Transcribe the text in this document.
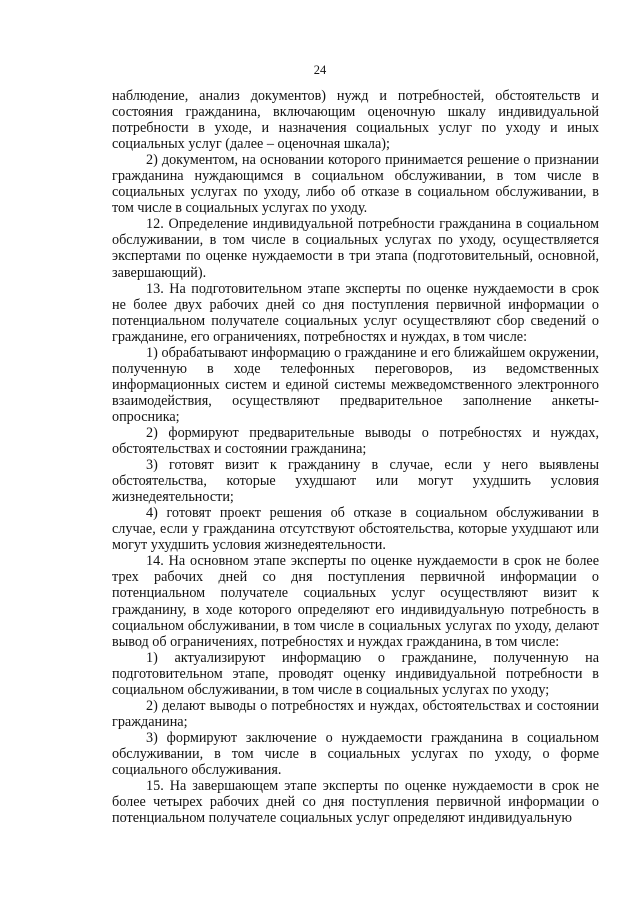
24

наблюдение, анализ документов) нужд и потребностей, обстоятельств и состояния гражданина, включающим оценочную шкалу индивидуальной потребности в уходе, и назначения социальных услуг по уходу и иных социальных услуг (далее – оценочная шкала);

2) документом, на основании которого принимается решение о признании гражданина нуждающимся в социальном обслуживании, в том числе в социальных услугах по уходу, либо об отказе в социальном обслуживании, в том числе в социальных услугах по уходу.

12. Определение индивидуальной потребности гражданина в социальном обслуживании, в том числе в социальных услугах по уходу, осуществляется экспертами по оценке нуждаемости в три этапа (подготовительный, основной, завершающий).

13. На подготовительном этапе эксперты по оценке нуждаемости в срок не более двух рабочих дней со дня поступления первичной информации о потенциальном получателе социальных услуг осуществляют сбор сведений о гражданине, его ограничениях, потребностях и нуждах, в том числе:

1) обрабатывают информацию о гражданине и его ближайшем окружении, полученную в ходе телефонных переговоров, из ведомственных информационных систем и единой системы межведомственного электронного взаимодействия, осуществляют предварительное заполнение анкеты-опросника;

2) формируют предварительные выводы о потребностях и нуждах, обстоятельствах и состоянии гражданина;

3) готовят визит к гражданину в случае, если у него выявлены обстоятельства, которые ухудшают или могут ухудшить условия жизнедеятельности;

4) готовят проект решения об отказе в социальном обслуживании в случае, если у гражданина отсутствуют обстоятельства, которые ухудшают или могут ухудшить условия жизнедеятельности.

14. На основном этапе эксперты по оценке нуждаемости в срок не более трех рабочих дней со дня поступления первичной информации о потенциальном получателе социальных услуг осуществляют визит к гражданину, в ходе которого определяют его индивидуальную потребность в социальном обслуживании, в том числе в социальных услугах по уходу, делают вывод об ограничениях, потребностях и нуждах гражданина, в том числе:

1) актуализируют информацию о гражданине, полученную на подготовительном этапе, проводят оценку индивидуальной потребности в социальном обслуживании, в том числе в социальных услугах по уходу;

2) делают выводы о потребностях и нуждах, обстоятельствах и состоянии гражданина;

3) формируют заключение о нуждаемости гражданина в социальном обслуживании, в том числе в социальных услугах по уходу, о форме социального обслуживания.

15. На завершающем этапе эксперты по оценке нуждаемости в срок не более четырех рабочих дней со дня поступления первичной информации о потенциальном получателе социальных услуг определяют индивидуальную
